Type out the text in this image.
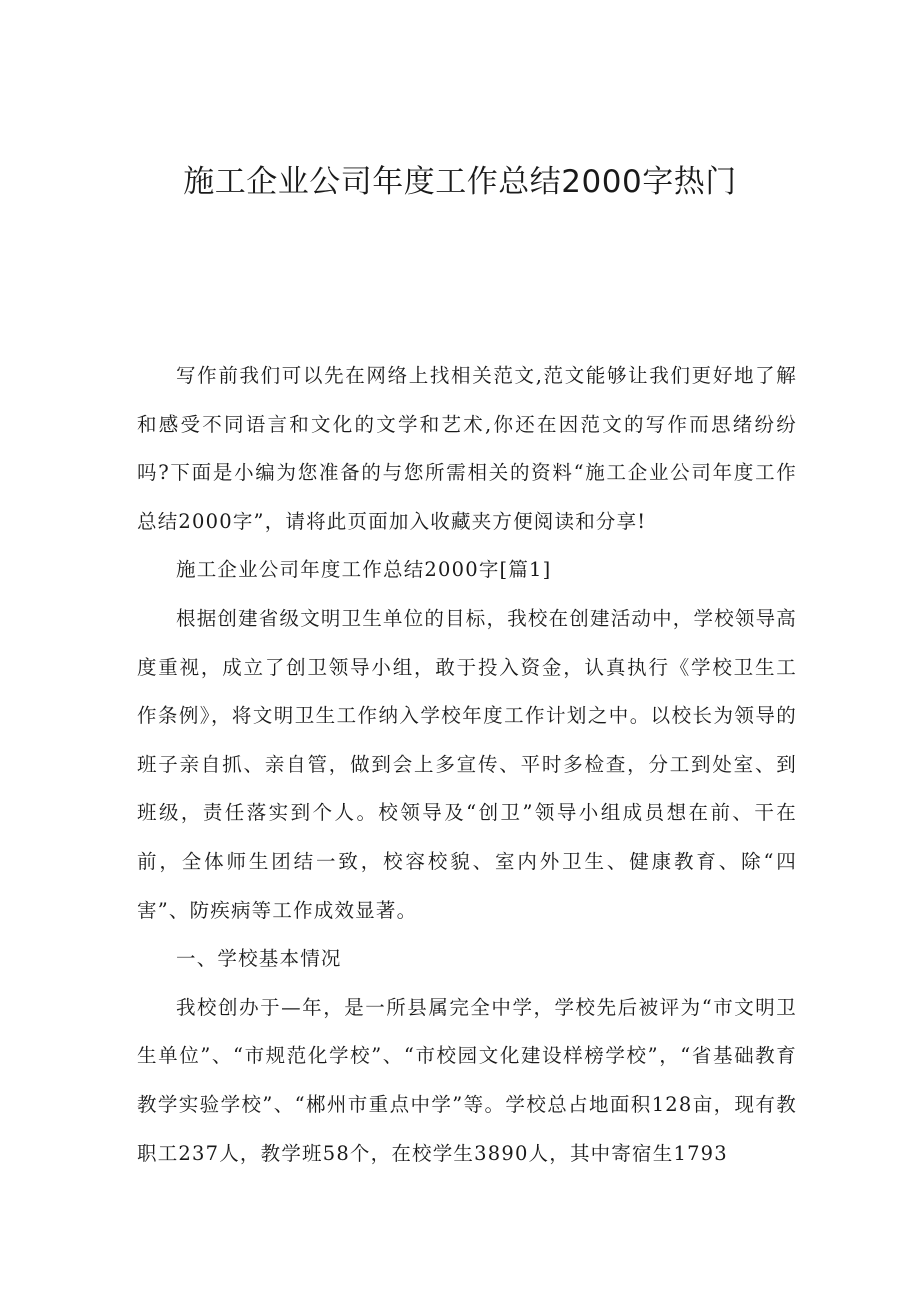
施工企业公司年度工作总结2000字热门

写作前我们可以先在网络上找相关范文,范文能够让我们更好地了解和感受不同语言和文化的文学和艺术,你还在因范文的写作而思绪纷纷吗?下面是小编为您准备的与您所需相关的资料“施工企业公司年度工作总结2000字”，请将此页面加入收藏夹方便阅读和分享!

施工企业公司年度工作总结2000字[篇1]

根据创建省级文明卫生单位的目标，我校在创建活动中，学校领导高度重视，成立了创卫领导小组，敢于投入资金，认真执行《学校卫生工作条例》，将文明卫生工作纳入学校年度工作计划之中。以校长为领导的班子亲自抓、亲自管，做到会上多宣传、平时多检查，分工到处室、到班级，责任落实到个人。校领导及“创卫”领导小组成员想在前、干在前，全体师生团结一致，校容校貌、室内外卫生、健康教育、除“四害”、防疾病等工作成效显著。

一、学校基本情况

我校创办于—年，是一所县属完全中学，学校先后被评为“市文明卫生单位”、“市规范化学校”、“市校园文化建设样榜学校”，“省基础教育教学实验学校”、“郴州市重点中学”等。学校总占地面积128亩，现有教职工237人，教学班58个，在校学生3890人，其中寄宿生1793
